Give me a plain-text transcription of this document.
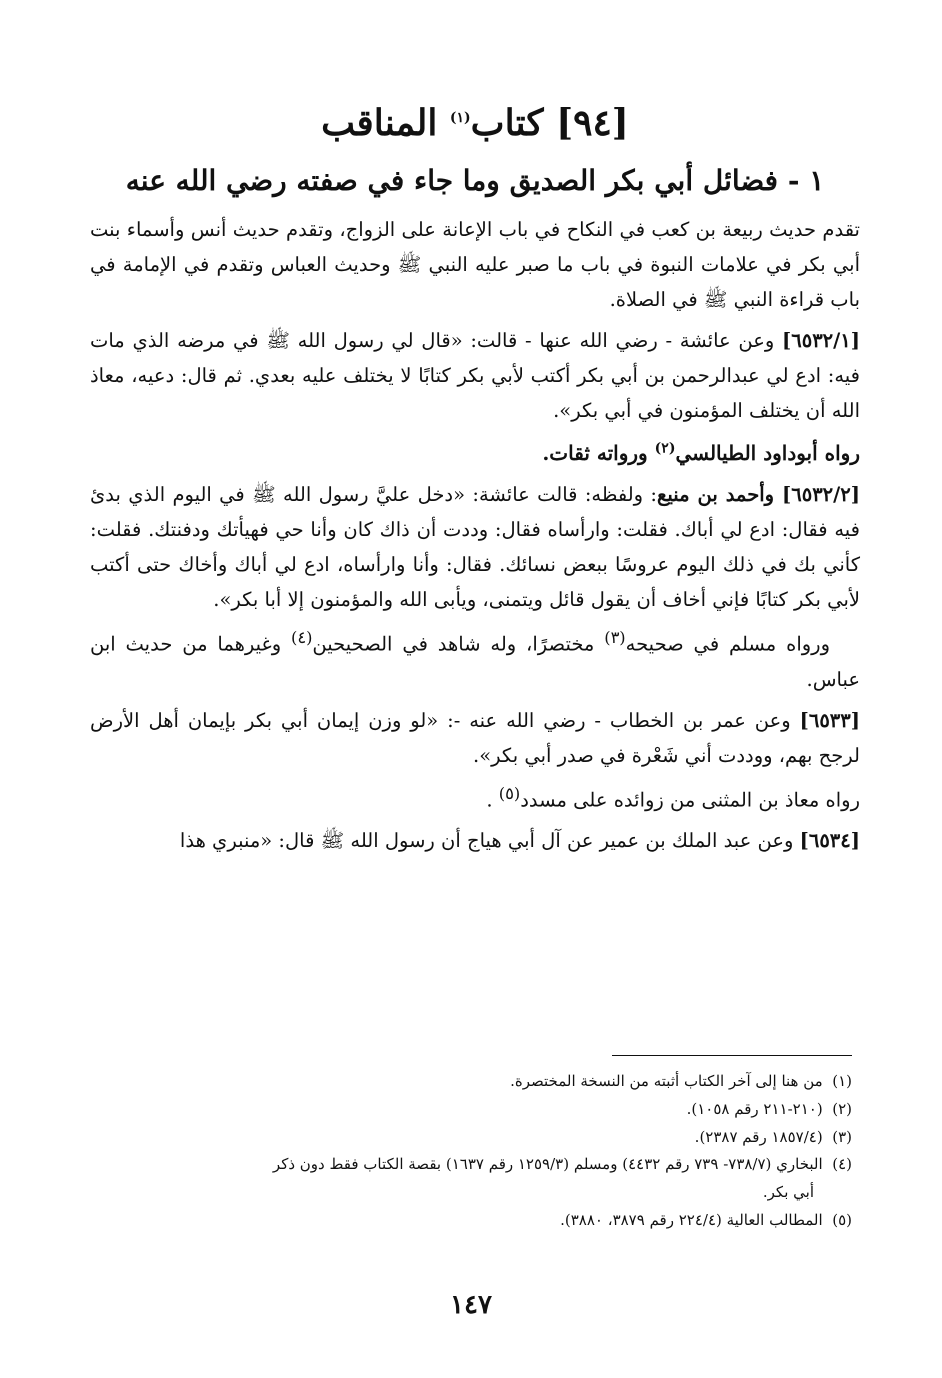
[٩٤] كتاب$^{(١)}$ المناقب
١ - فضائل أبي بكر الصديق وما جاء في صفته رضي الله عنه

تقدم حديث ربيعة بن كعب في النكاح في باب الإعانة على الزواج، وتقدم حديث أنس وأسماء بنت أبي بكر في علامات النبوة في باب ما صبر عليه النبي ﷺ وحديث العباس وتقدم في الإمامة في باب قراءة النبي ﷺ في الصلاة.

[٦٥٣٢/١] وعن عائشة - رضي الله عنها - قالت: «قال لي رسول الله ﷺ في مرضه الذي مات فيه: ادع لي عبدالرحمن بن أبي بكر أكتب لأبي بكر كتابًا لا يختلف عليه بعدي. ثم قال: دعيه، معاذ الله أن يختلف المؤمنون في أبي بكر».

رواه أبوداود الطيالسي$^{(٢)}$ ورواته ثقات.

[٦٥٣٢/٢] وأحمد بن منيع: ولفظه: قالت عائشة: «دخل عليَّ رسول الله ﷺ في اليوم الذي بدئ فيه فقال: ادع لي أباك. فقلت: وارأساه فقال: وددت أن ذاك كان وأنا حي فهيأتك ودفنتك. فقلت: كأني بك في ذلك اليوم عروسًا ببعض نسائك. فقال: وأنا وارأساه، ادع لي أباك وأخاك حتى أكتب لأبي بكر كتابًا فإني أخاف أن يقول قائل ويتمنى، ويأبى الله والمؤمنون إلا أبا بكر».

ورواه مسلم في صحيحه$^{(٣)}$ مختصرًا، وله شاهد في الصحيحين$^{(٤)}$ وغيرهما من حديث ابن عباس.

[٦٥٣٣] وعن عمر بن الخطاب - رضي الله عنه -: «لو وزن إيمان أبي بكر بإيمان أهل الأرض لرجح بهم، ووددت أني شَعْرة في صدر أبي بكر».

رواه معاذ بن المثنى من زوائده على مسدد$^{(٥)}$ .

[٦٥٣٤] وعن عبد الملك بن عمير عن آل أبي هياج أن رسول الله ﷺ قال: «منبري هذا

(١)  من هنا إلى آخر الكتاب أثبته من النسخة المختصرة.
(٢)  (٢١٠-٢١١ رقم ١٠٥٨).
(٣)  (١٨٥٧/٤ رقم ٢٣٨٧).
(٤)  البخاري (٧٣٨/٧- ٧٣٩ رقم ٤٤٣٢) ومسلم (١٢٥٩/٣ رقم ١٦٣٧) بقصة الكتاب فقط دون ذكر
أبي بكر.
(٥)  المطالب العالية (٢٢٤/٤ رقم ٣٨٧٩، ٣٨٨٠).
١٤٧
